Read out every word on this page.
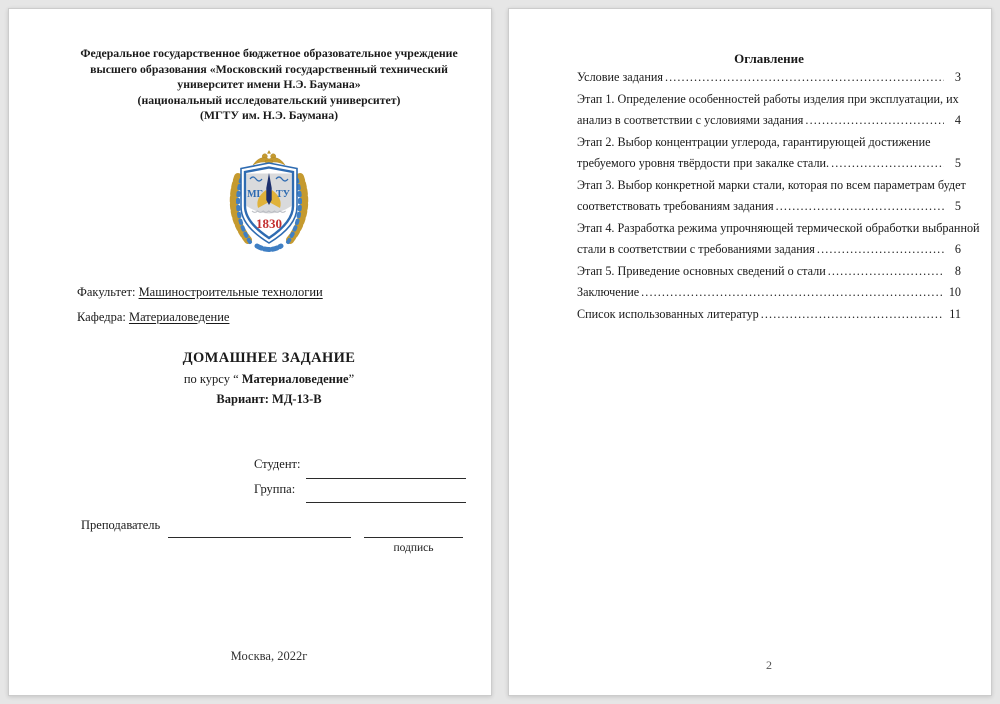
Федеральное государственное бюджетное образовательное учреждение
высшего образования «Московский государственный технический
университет имени Н.Э. Баумана»
(национальный исследовательский университет)
(МГТУ им. Н.Э. Баумана)
МГ ТУ
1830
Факультет: Машиностроительные технологии
Кафедра: Материаловедение
ДОМАШНЕЕ ЗАДАНИЕ
по курсу “ Материаловедение”
Вариант: МД-13-В
Студент:
Группа:
Преподаватель
подпись
Москва, 2022г
Оглавление
Условие задания .....	3
Этап 1. Определение особенностей работы изделия при эксплуатации, их
анализ в соответствии с условиями задания .....	4
Этап 2. Выбор концентрации углерода, гарантирующей достижение
требуемого уровня твёрдости при закалке стали. .....	5
Этап 3. Выбор конкретной марки стали, которая по всем параметрам будет
соответствовать требованиям задания .....	5
Этап 4. Разработка режима упрочняющей термической обработки выбранной
стали в соответствии с требованиями задания .....	6
Этап 5. Приведение основных сведений о стали .....	8
Заключение .....	10
Список использованных литератур .....	11
2
